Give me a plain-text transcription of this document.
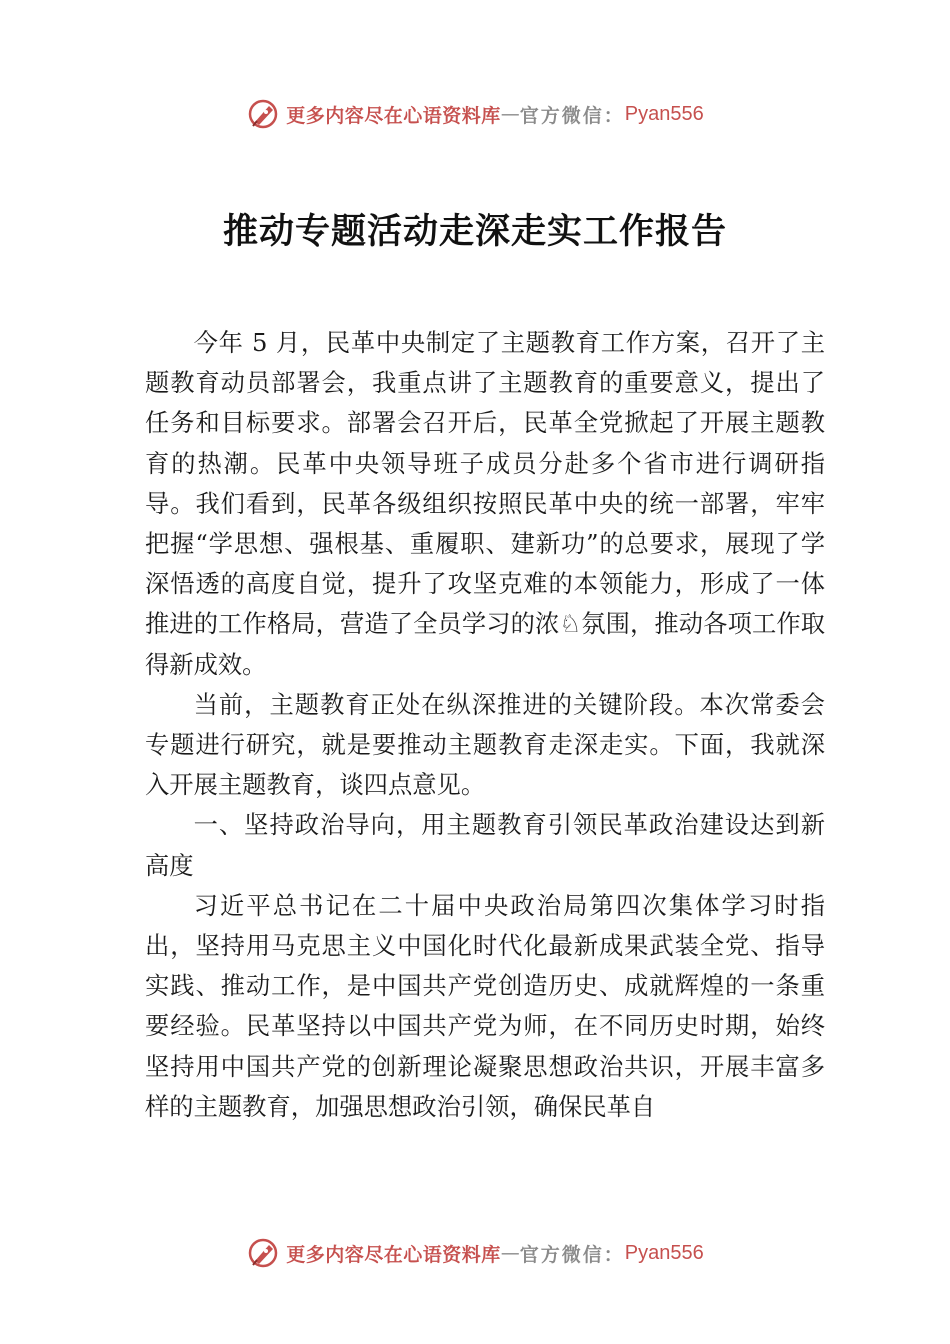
更多内容尽在心语资料库 — 官方微信： Pyan556
推动专题活动走深走实工作报告

今年 5 月，民革中央制定了主题教育工作方案，召开了主题教育动员部署会，我重点讲了主题教育的重要意义，提出了任务和目标要求。部署会召开后，民革全党掀起了开展主题教育的热潮。民革中央领导班子成员分赴多个省市进行调研指导。我们看到，民革各级组织按照民革中央的统一部署，牢牢把握“学思想、强根基、重履职、建新功”的总要求，展现了学深悟透的高度自觉，提升了攻坚克难的本领能力，形成了一体推进的工作格局，营造了全员学习的浓♘氛围，推动各项工作取得新成效。

当前，主题教育正处在纵深推进的关键阶段。本次常委会专题进行研究，就是要推动主题教育走深走实。下面，我就深入开展主题教育，谈四点意见。

一、坚持政治导向，用主题教育引领民革政治建设达到新高度

习近平总书记在二十届中央政治局第四次集体学习时指出，坚持用马克思主义中国化时代化最新成果武装全党、指导实践、推动工作，是中国共产党创造历史、成就辉煌的一条重要经验。民革坚持以中国共产党为师，在不同历史时期，始终坚持用中国共产党的创新理论凝聚思想政治共识，开展丰富多样的主题教育，加强思想政治引领，确保民革自

更多内容尽在心语资料库 — 官方微信： Pyan556
